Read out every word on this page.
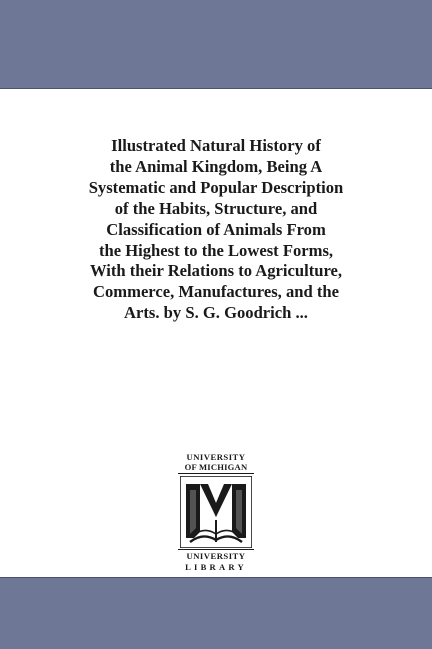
Illustrated Natural History of
the Animal Kingdom, Being A
Systematic and Popular Description
of the Habits, Structure, and
Classification of Animals From
the Highest to the Lowest Forms,
With their Relations to Agriculture,
Commerce, Manufactures, and the
Arts. by S. G. Goodrich ...
UNIVERSITY
OF MICHIGAN
UNIVERSITY
LIBRARY
